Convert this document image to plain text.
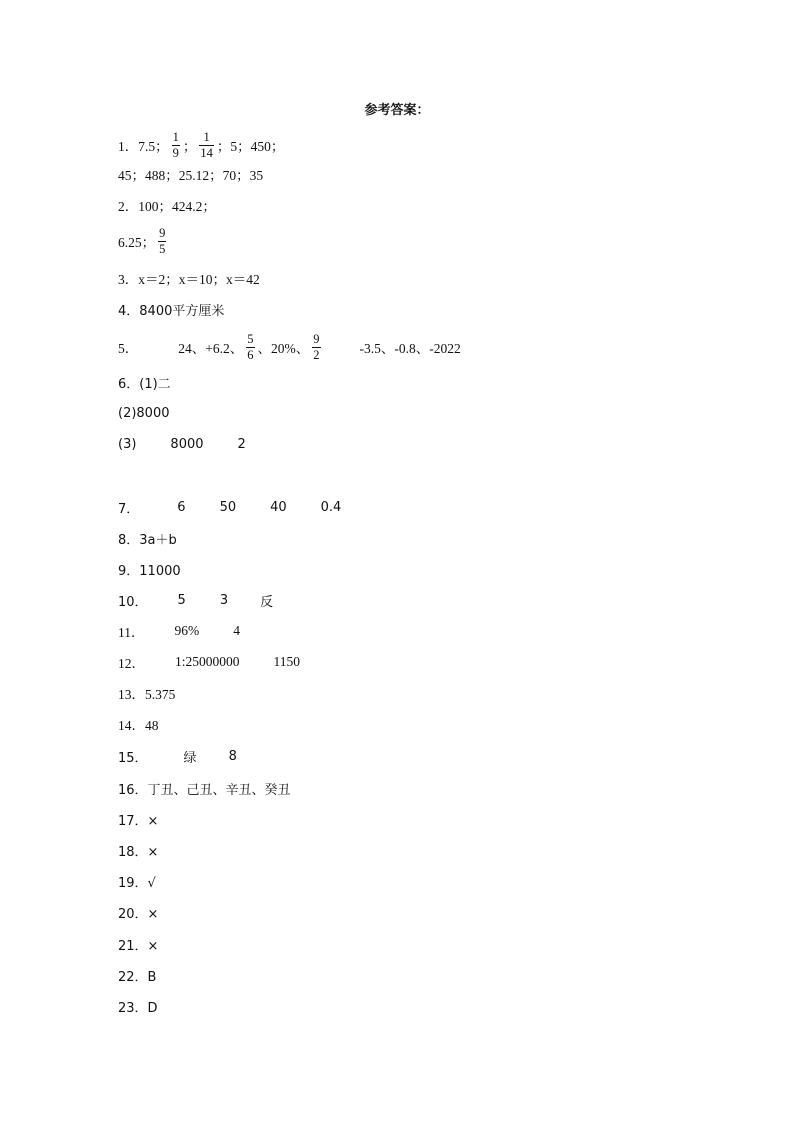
参考答案：
1． 7.5； $\frac{1}{9}$ ； $\frac{1}{14}$ ；5；450；
45；488；25.12；70；35
2．100；424.2；
6.25； $\frac{9}{5}$
3．x＝2；x＝10；x＝42
4．8400平方厘米
5．	24、+6.2、 $\frac{5}{6}$ 、20%、 $\frac{9}{2}$	-3.5、-0.8、-2022
6．(1)二
(2)8000
(3)	8000	2
7．	6	50	40	0.4
8．3a＋b
9．11000
10． 5	3 反
11． 96%	4
12． 1:25000000	1150
13．5.375
14．48
15．	绿 8
16．丁丑、己丑、辛丑、癸丑
17．×
18．×
19．√
20．×
21．×
22．B
23．D
